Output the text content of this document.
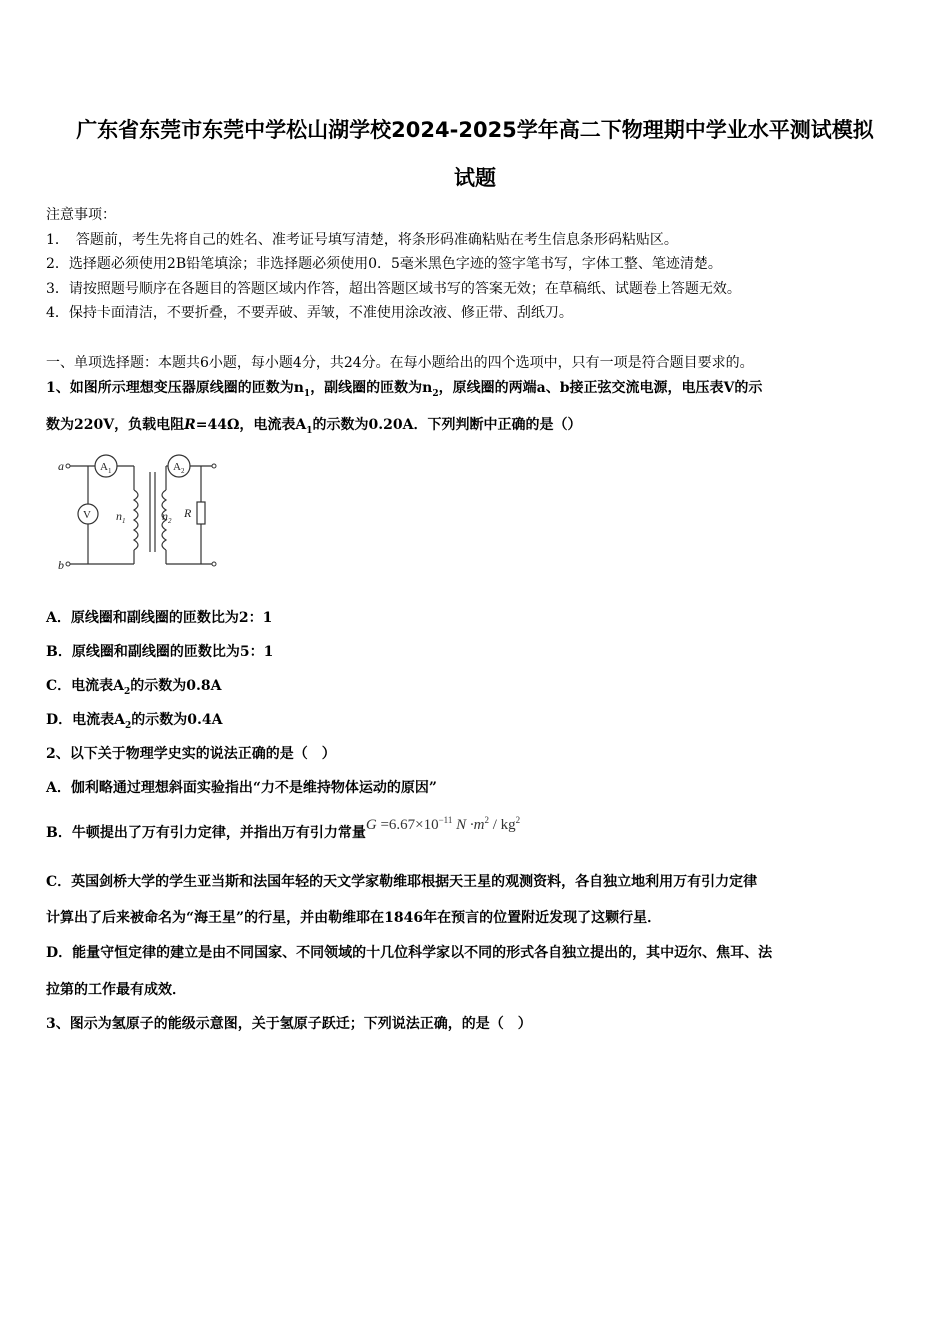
广东省东莞市东莞中学松山湖学校2024-2025学年高二下物理期中学业水平测试模拟
试题
注意事项：
1．　答题前，考生先将自己的姓名、准考证号填写清楚，将条形码准确粘贴在考生信息条形码粘贴区。
2．选择题必须使用2B铅笔填涂；非选择题必须使用0．5毫米黑色字迹的签字笔书写，字体工整、笔迹清楚。
3．请按照题号顺序在各题目的答题区域内作答，超出答题区域书写的答案无效；在草稿纸、试题卷上答题无效。
4．保持卡面清洁，不要折叠，不要弄破、弄皱，不准使用涂改液、修正带、刮纸刀。
一、单项选择题：本题共6小题，每小题4分，共24分。在每小题给出的四个选项中，只有一项是符合题目要求的。
1、如图所示理想变压器原线圈的匝数为$n_1$，副线圈的匝数为$n_2$，原线圈的两端a、b接正弦交流电源，电压表V的示
数为220V，负载电阻R=44Ω，电流表$A_1$的示数为0.20A．下列判断中正确的是（）
a
b
$A_1$	$A_2$
V $n_1$	$n_2$
R
A．原线圈和副线圈的匝数比为2：1
B．原线圈和副线圈的匝数比为5：1
C．电流表$A_2$的示数为0.8A
D．电流表$A_2$的示数为0.4A
2、以下关于物理学史实的说法正确的是（　）
A．伽利略通过理想斜面实验指出“力不是维持物体运动的原因”
B．牛顿提出了万有引力定律，并指出万有引力常量$G =6.67\times 10^{-11}$ $N \cdot m^2 / kg^2$
C．英国剑桥大学的学生亚当斯和法国年轻的天文学家勒维耶根据天王星的观测资料，各自独立地利用万有引力定律
计算出了后来被命名为“海王星”的行星，并由勒维耶在1846年在预言的位置附近发现了这颗行星．
D．能量守恒定律的建立是由不同国家、不同领域的十几位科学家以不同的形式各自独立提出的，其中迈尔、焦耳、法
拉第的工作最有成效．
3、图示为氢原子的能级示意图，关于氢原子跃迁；下列说法正确，的是（　）
